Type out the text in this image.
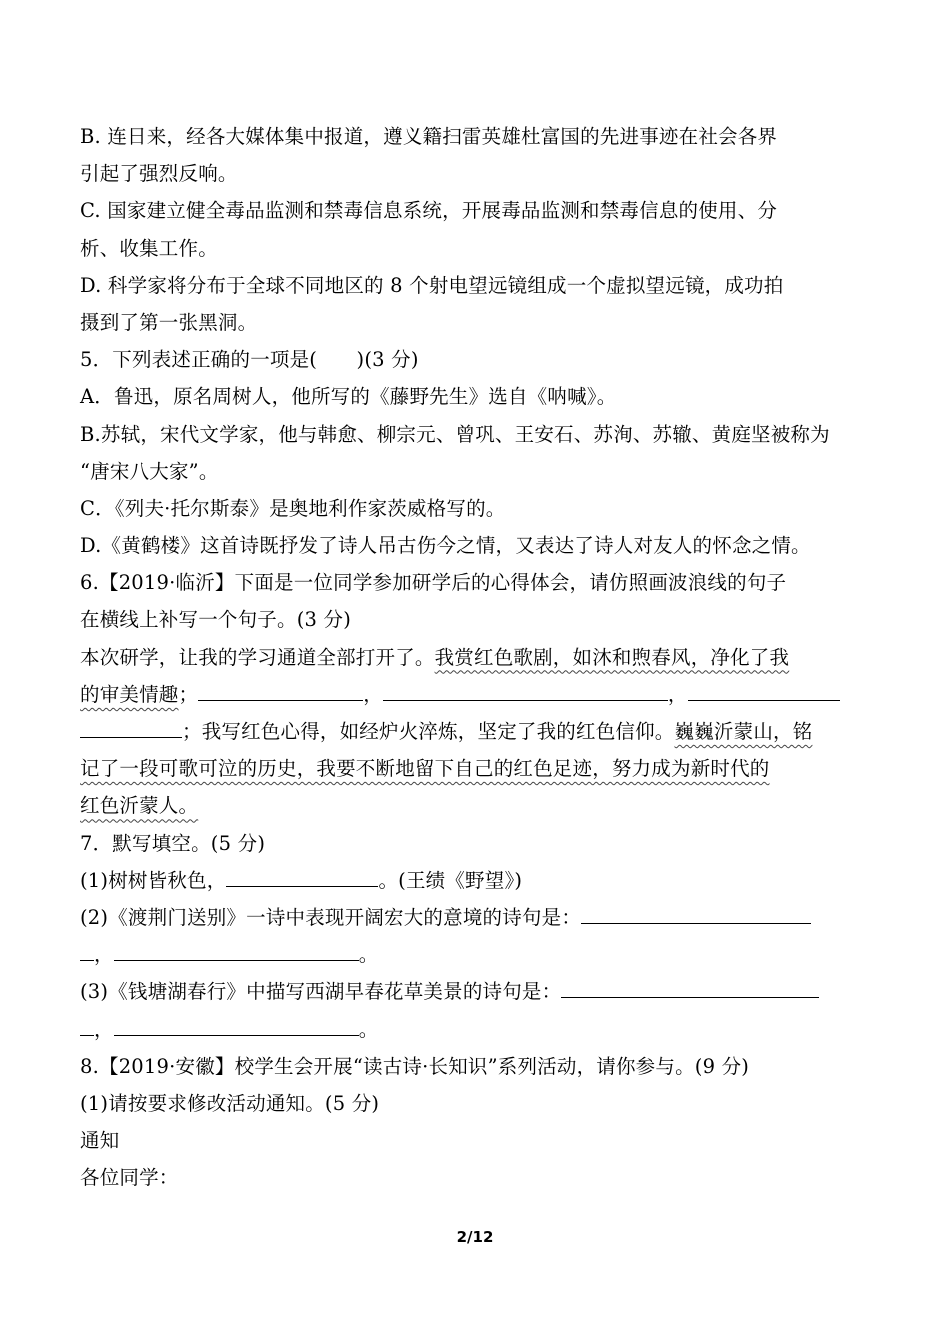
B. 连日来，经各大媒体集中报道，遵义籍扫雷英雄杜富国的先进事迹在社会各界
引起了强烈反响。
C. 国家建立健全毒品监测和禁毒信息系统，开展毒品监测和禁毒信息的使用、分
析、收集工作。
D. 科学家将分布于全球不同地区的 8 个射电望远镜组成一个虚拟望远镜，成功拍
摄到了第一张黑洞。
5．下列表述正确的一项是(　　)(3 分)
A．鲁迅，原名周树人，他所写的《藤野先生》选自《呐喊》。
B.苏轼，宋代文学家，他与韩愈、柳宗元、曾巩、王安石、苏洵、苏辙、黄庭坚被称为
“唐宋八大家”。
C．《列夫·托尔斯泰》是奥地利作家茨威格写的。
D.《黄鹤楼》这首诗既抒发了诗人吊古伤今之情，又表达了诗人对友人的怀念之情。
6.【2019·临沂】下面是一位同学参加研学后的心得体会，请仿照画波浪线的句子
在横线上补写一个句子。(3 分)
本次研学，让我的学习通道全部打开了。我赏红色歌剧，如沐和煦春风，净化了我
的审美情趣；	，	，
；我写红色心得，如经炉火淬炼，坚定了我的红色信仰。巍巍沂蒙山，铭
记了一段可歌可泣的历史，我要不断地留下自己的红色足迹，努力成为新时代的
红色沂蒙人。
7．默写填空。(5 分)
(1)树树皆秋色，	。(王绩《野望》)
(2)《渡荆门送别》一诗中表现开阔宏大的意境的诗句是：
，	。
(3)《钱塘湖春行》中描写西湖早春花草美景的诗句是：
，	。
8.【2019·安徽】校学生会开展“读古诗·长知识”系列活动，请你参与。(9 分)
(1)请按要求修改活动通知。(5 分)
通知
各位同学：
2/12
